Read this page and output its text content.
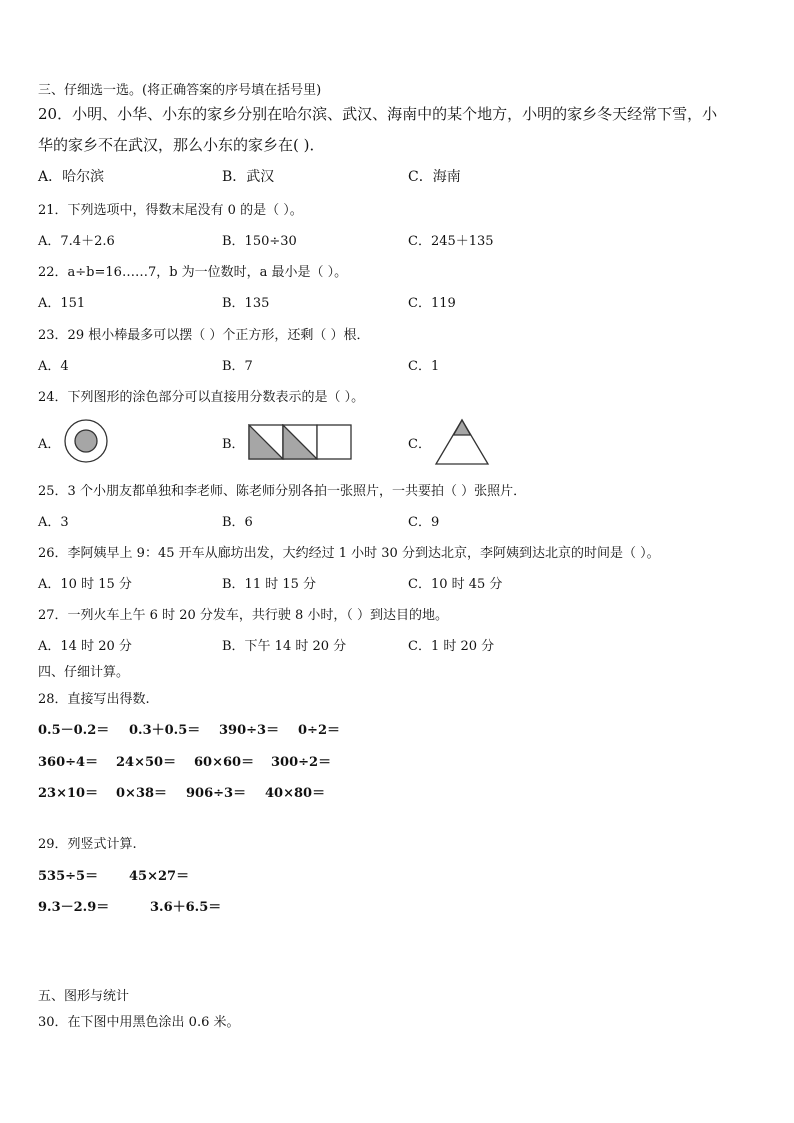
三、仔细选一选。(将正确答案的序号填在括号里)
20．小明、小华、小东的家乡分别在哈尔滨、武汉、海南中的某个地方，小明的家乡冬天经常下雪，小
华的家乡不在武汉，那么小东的家乡在( )．
A．哈尔滨	B．武汉	C．海南
21．下列选项中，得数末尾没有 0 的是（ ）。
A．7.4＋2.6	B．150÷30	C．245＋135
22．a÷b=16……7，b 为一位数时，a 最小是（ ）。
A．151	B．135	C．119
23．29 根小棒最多可以摆（ ）个正方形，还剩（ ）根．
A．4	B．7	C．1
24．下列图形的涂色部分可以直接用分数表示的是（ ）。
A．	B．	C．
25．3 个小朋友都单独和李老师、陈老师分别各拍一张照片，一共要拍（ ）张照片．
A．3	B．6	C．9
26．李阿姨早上 9：45 开车从廊坊出发，大约经过 1 小时 30 分到达北京，李阿姨到达北京的时间是（ ）。
A．10 时 15 分	B．11 时 15 分	C．10 时 45 分
27．一列火车上午 6 时 20 分发车，共行驶 8 小时，（ ）到达目的地。
A．14 时 20 分	B．下午 14 时 20 分	C．1 时 20 分
四、仔细计算。
28．直接写出得数.
0.5－0.2＝ 0.3＋0.5＝ 390÷3＝ 0÷2＝
360÷4＝ 24×50＝ 60×60＝ 300÷2＝
23×10＝ 0×38＝ 906÷3＝ 40×80＝
29．列竖式计算.
535÷5＝ 45×27＝
9.3－2.9＝	3.6＋6.5＝
五、图形与统计
30．在下图中用黑色涂出 0.6 米。
